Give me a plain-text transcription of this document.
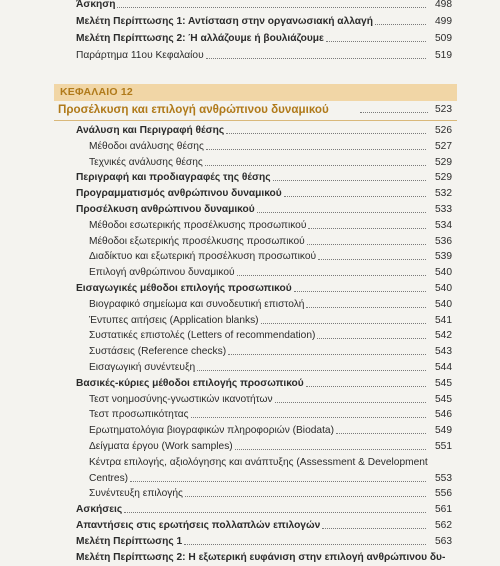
Άσκηση	498
Μελέτη Περίπτωσης 1: Αντίσταση στην οργανωσιακή αλλαγή	499
Μελέτη Περίπτωσης 2: Ή αλλάζουμε ή βουλιάζουμε	509
Παράρτημα 11ου Κεφαλαίου	519
ΚΕΦΑΛΑΙΟ 12
Προσέλκυση και επιλογή ανθρώπινου δυναμικού	523
Ανάλυση και Περιγραφή θέσης	526
Μέθοδοι ανάλυσης θέσης	527
Τεχνικές ανάλυσης θέσης	529
Περιγραφή και προδιαγραφές της θέσης	529
Προγραμματισμός ανθρώπινου δυναμικού	532
Προσέλκυση ανθρώπινου δυναμικού	533
Μέθοδοι εσωτερικής προσέλκυσης προσωπικού	534
Μέθοδοι εξωτερικής προσέλκυσης προσωπικού	536
Διαδίκτυο και εξωτερική προσέλκυση προσωπικού	539
Επιλογή ανθρώπινου δυναμικού	540
Εισαγωγικές μέθοδοι επιλογής προσωπικού	540
Βιογραφικό σημείωμα και συνοδευτική επιστολή	540
Έντυπες αιτήσεις (Application blanks)	541
Συστατικές επιστολές (Letters of recommendation)	542
Συστάσεις (Reference checks)	543
Εισαγωγική συνέντευξη	544
Βασικές-κύριες μέθοδοι επιλογής προσωπικού	545
Τεστ νοημοσύνης-γνωστικών ικανοτήτων	545
Τεστ προσωπικότητας	546
Ερωτηματολόγια βιογραφικών πληροφοριών (Biodata)	549
Δείγματα έργου (Work samples)	551
Κέντρα επιλογής, αξιολόγησης και ανάπτυξης (Assessment & Development
Centres)	553
Συνέντευξη επιλογής	556
Ασκήσεις	561
Απαντήσεις στις ερωτήσεις πολλαπλών επιλογών	562
Μελέτη Περίπτωσης 1	563
Μελέτη Περίπτωσης 2: Η εξωτερική ευφάνιση στην επιλογή ανθρώπινου δυ-
